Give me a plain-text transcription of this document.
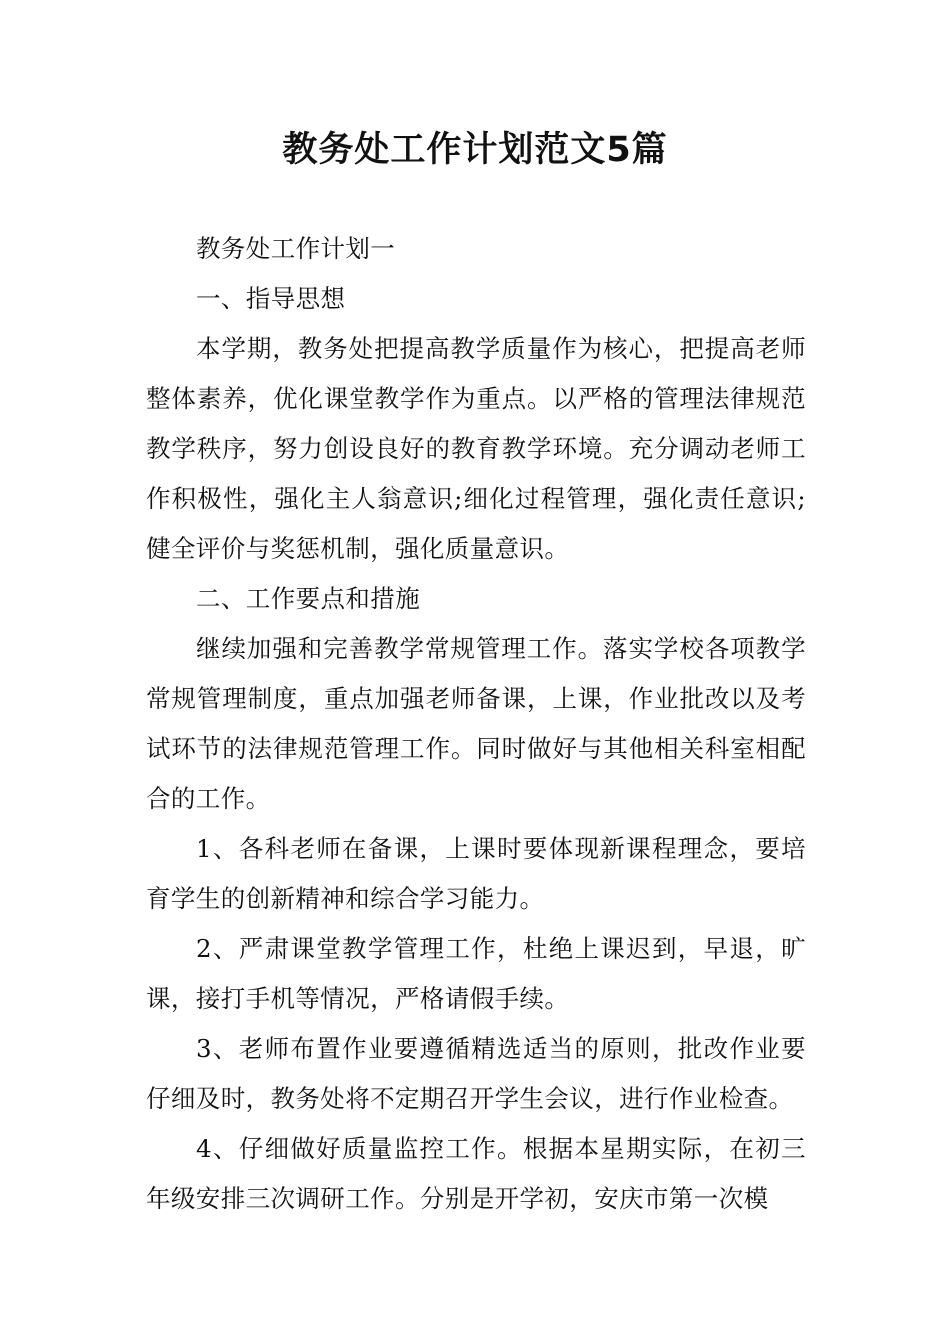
教务处工作计划范文5篇

教务处工作计划一

一、指导思想

本学期，教务处把提高教学质量作为核心，把提高老师整体素养，优化课堂教学作为重点。以严格的管理法律规范教学秩序，努力创设良好的教育教学环境。充分调动老师工作积极性，强化主人翁意识;细化过程管理，强化责任意识;健全评价与奖惩机制，强化质量意识。

二、工作要点和措施

继续加强和完善教学常规管理工作。落实学校各项教学常规管理制度，重点加强老师备课，上课，作业批改以及考试环节的法律规范管理工作。同时做好与其他相关科室相配合的工作。

1、各科老师在备课，上课时要体现新课程理念，要培育学生的创新精神和综合学习能力。

2、严肃课堂教学管理工作，杜绝上课迟到，早退，旷课，接打手机等情况，严格请假手续。

3、老师布置作业要遵循精选适当的原则，批改作业要仔细及时，教务处将不定期召开学生会议，进行作业检查。

4、仔细做好质量监控工作。根据本星期实际，在初三年级安排三次调研工作。分别是开学初，安庆市第一次模
